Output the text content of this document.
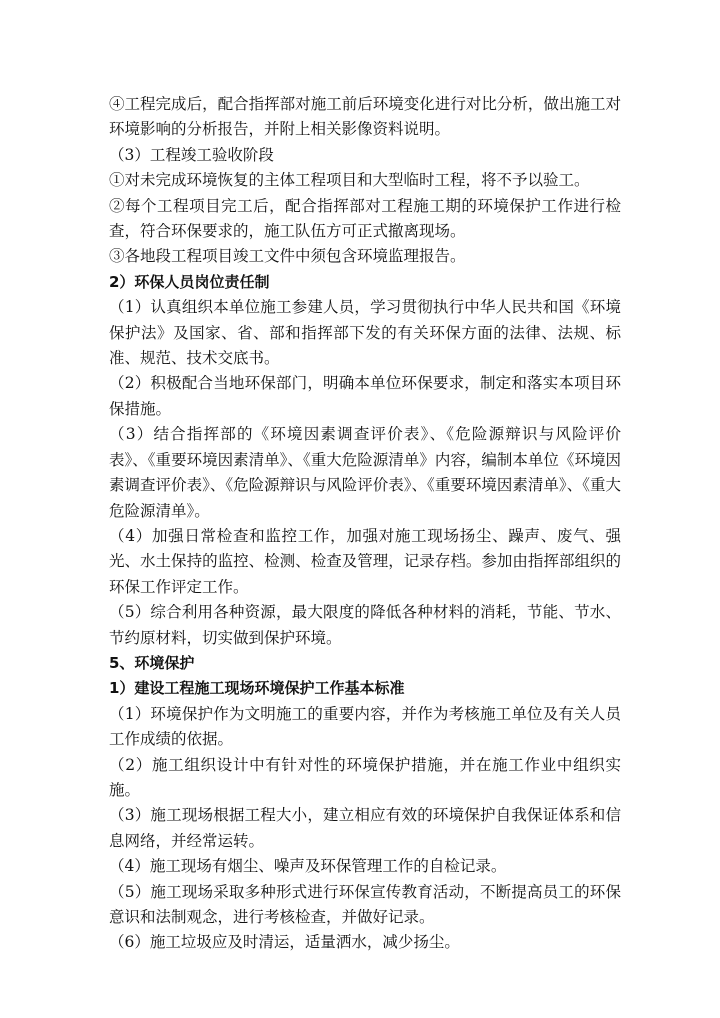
④工程完成后，配合指挥部对施工前后环境变化进行对比分析，做出施工对环境影响的分析报告，并附上相关影像资料说明。

（3）工程竣工验收阶段

①对未完成环境恢复的主体工程项目和大型临时工程，将不予以验工。

②每个工程项目完工后，配合指挥部对工程施工期的环境保护工作进行检查，符合环保要求的，施工队伍方可正式撤离现场。

③各地段工程项目竣工文件中须包含环境监理报告。

2）环保人员岗位责任制

（1）认真组织本单位施工参建人员，学习贯彻执行中华人民共和国《环境保护法》及国家、省、部和指挥部下发的有关环保方面的法律、法规、标准、规范、技术交底书。

（2）积极配合当地环保部门，明确本单位环保要求，制定和落实本项目环保措施。

（3）结合指挥部的《环境因素调查评价表》、《危险源辩识与风险评价表》、《重要环境因素清单》、《重大危险源清单》内容，编制本单位《环境因素调查评价表》、《危险源辩识与风险评价表》、《重要环境因素清单》、《重大危险源清单》。

（4）加强日常检查和监控工作，加强对施工现场扬尘、躁声、废气、强光、水土保持的监控、检测、检查及管理，记录存档。参加由指挥部组织的环保工作评定工作。

（5）综合利用各种资源，最大限度的降低各种材料的消耗，节能、节水、节约原材料，切实做到保护环境。

5、环境保护

1）建设工程施工现场环境保护工作基本标准

（1）环境保护作为文明施工的重要内容，并作为考核施工单位及有关人员工作成绩的依据。

（2）施工组织设计中有针对性的环境保护措施，并在施工作业中组织实施。

（3）施工现场根据工程大小，建立相应有效的环境保护自我保证体系和信息网络，并经常运转。

（4）施工现场有烟尘、噪声及环保管理工作的自检记录。

（5）施工现场采取多种形式进行环保宣传教育活动，不断提高员工的环保意识和法制观念，进行考核检查，并做好记录。

（6）施工垃圾应及时清运，适量洒水，减少扬尘。
